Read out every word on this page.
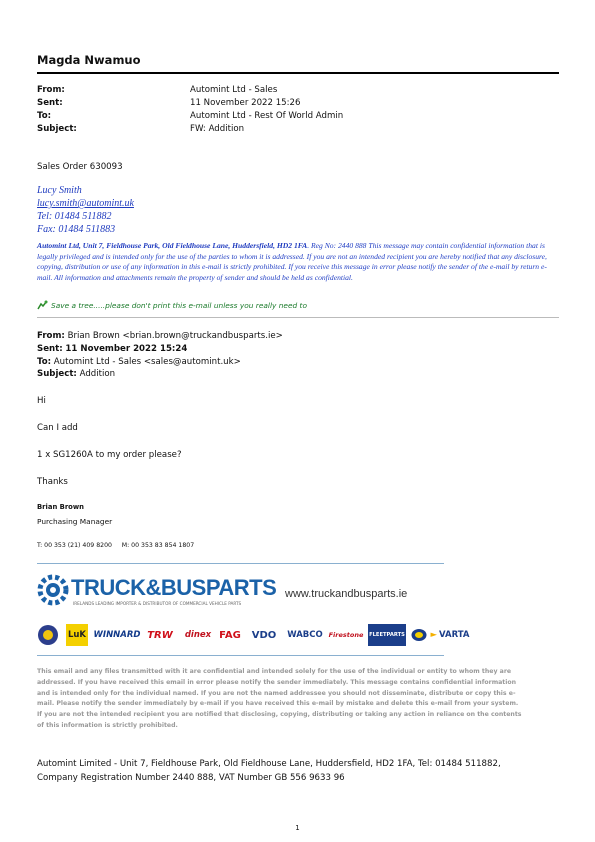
Magda Nwamuo
From:	Automint Ltd - Sales
Sent:	11 November 2022 15:26
To:	Automint Ltd - Rest Of World Admin
Subject:	FW: Addition
Sales Order 630093
Lucy Smith
lucy.smith@automint.uk
Tel: 01484 511882
Fax: 01484 511883
Automint Ltd, Unit 7, Fieldhouse Park, Old Fieldhouse Lane, Huddersfield, HD2 1FA. Reg No: 2440 888 This message may contain confidential information that is legally privileged and is intended only for the use of the parties to whom it is addressed. If you are not an intended recipient you are hereby notified that any disclosure, copying, distribution or use of any information in this e-mail is strictly prohibited. If you receive this message in error please notify the sender of the e-mail by return e-mail. All information and attachments remain the property of sender and should be held as confidential.
Save a tree.....please don't print this e-mail unless you really need to
From: Brian Brown <brian.brown@truckandbusparts.ie>
Sent: 11 November 2022 15:24
To: Automint Ltd - Sales <sales@automint.uk>
Subject: Addition
Hi
Can I add
1 x SG1260A to my order please?
Thanks
Brian Brown
Purchasing Manager
T: 00 353 (21) 409 8200     M: 00 353 83 854 1807
TRUCK&BUSPARTS
IRELANDS LEADING IMPORTER & DISTRIBUTOR OF COMMERCIAL VEHICLE PARTS
www.truckandbusparts.ie
LuK WINNARD TRW	dinex FAG	VDO	WABCO Firestone FLEETPARTS	► VARTA
This email and any files transmitted with it are confidential and intended solely for the use of the individual or entity to whom they are addressed. If you have received this email in error please notify the sender immediately. This message contains confidential information and is intended only for the individual named. If you are not the named addressee you should not disseminate, distribute or copy this e-mail. Please notify the sender immediately by e-mail if you have received this e-mail by mistake and delete this e-mail from your system. If you are not the intended recipient you are notified that disclosing, copying, distributing or taking any action in reliance on the contents of this information is strictly prohibited.
Automint Limited - Unit 7, Fieldhouse Park, Old Fieldhouse Lane, Huddersfield, HD2 1FA, Tel: 01484 511882, Company Registration Number 2440 888, VAT Number GB 556 9633 96
1
